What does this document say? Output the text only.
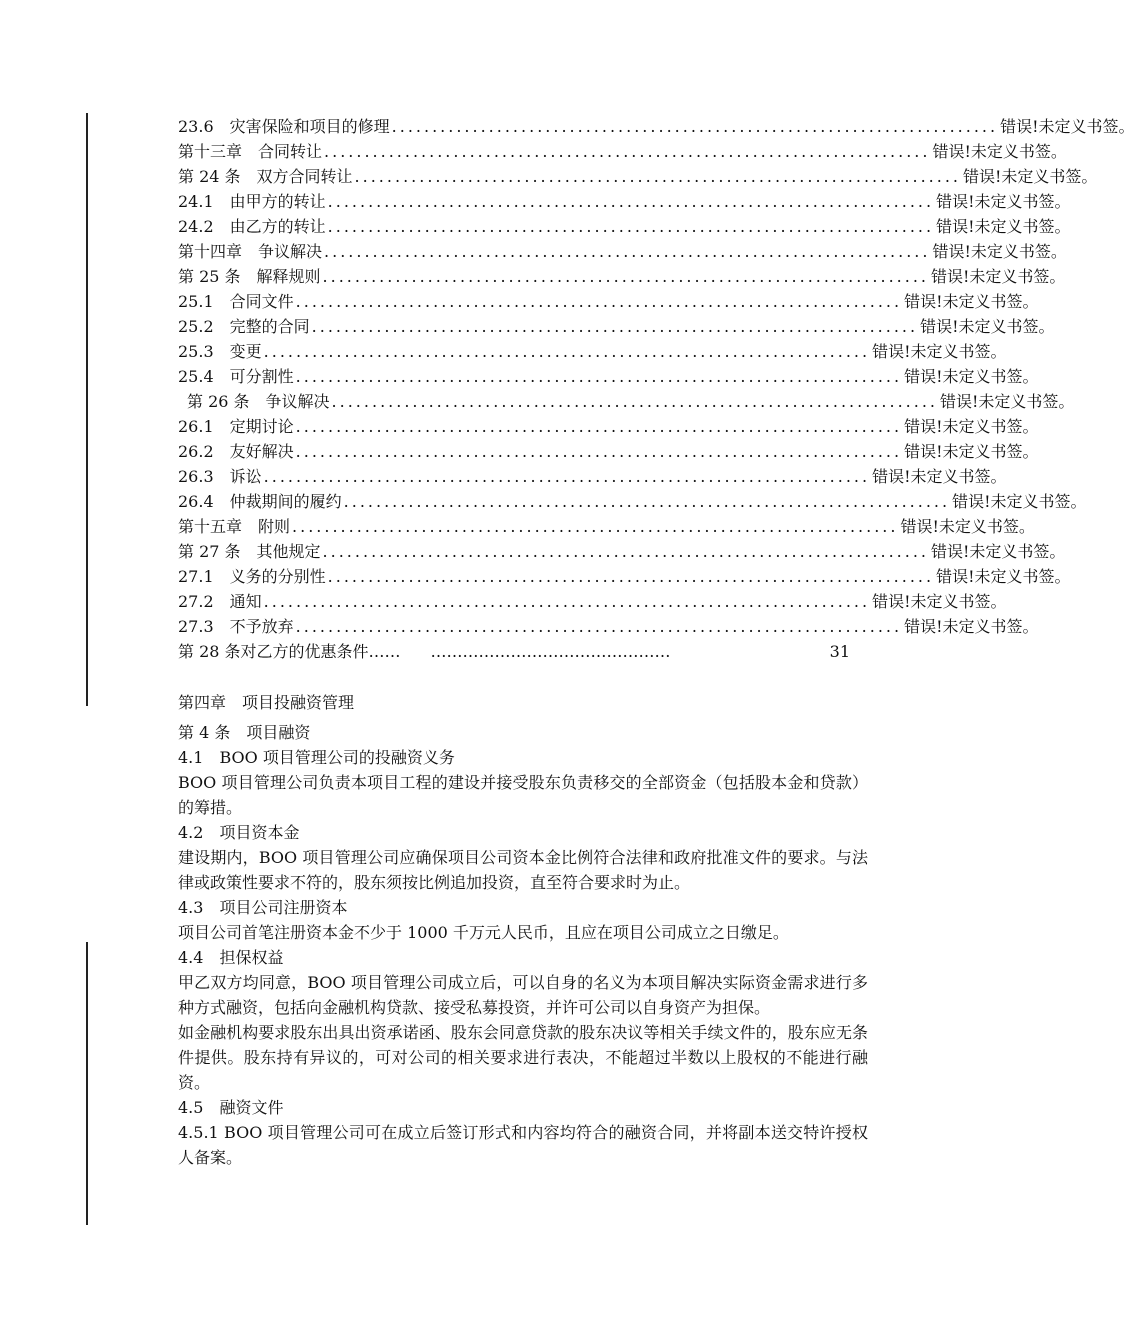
23.6　灾害保险和项目的修理 ........................................................................... 错误!未定义书签。
第十三章　合同转让 ........................................................................... 错误!未定义书签。
第 24 条　双方合同转让 ........................................................................... 错误!未定义书签。
24.1　由甲方的转让 ........................................................................... 错误!未定义书签。
24.2　由乙方的转让 ........................................................................... 错误!未定义书签。
第十四章　争议解决 ........................................................................... 错误!未定义书签。
第 25 条　解释规则 ........................................................................... 错误!未定义书签。
25.1　合同文件 ........................................................................... 错误!未定义书签。
25.2　完整的合同 ........................................................................... 错误!未定义书签。
25.3　变更 ........................................................................... 错误!未定义书签。
25.4　可分割性 ........................................................................... 错误!未定义书签。
第 26 条　争议解决 ........................................................................... 错误!未定义书签。
26.1　定期讨论 ........................................................................... 错误!未定义书签。
26.2　友好解决 ........................................................................... 错误!未定义书签。
26.3　诉讼 ........................................................................... 错误!未定义书签。
26.4　仲裁期间的履约 ........................................................................... 错误!未定义书签。
第十五章　附则 ........................................................................... 错误!未定义书签。
第 27 条　其他规定 ........................................................................... 错误!未定义书签。
27.1　义务的分别性 ........................................................................... 错误!未定义书签。
27.2　通知 ........................................................................... 错误!未定义书签。
27.3　不予放弃 ........................................................................... 错误!未定义书签。
第 28 条对乙方的优惠条件…… ………………………………………	31

第四章　项目投融资管理

第 4 条　项目融资

4.1　BOO 项目管理公司的投融资义务

BOO 项目管理公司负责本项目工程的建设并接受股东负责移交的全部资金（包括股本金和贷款）的筹措。

4.2　项目资本金

建设期内，BOO 项目管理公司应确保项目公司资本金比例符合法律和政府批准文件的要求。与法律或政策性要求不符的，股东须按比例追加投资，直至符合要求时为止。

4.3　项目公司注册资本

项目公司首笔注册资本金不少于 1000 千万元人民币，且应在项目公司成立之日缴足。

4.4　担保权益

甲乙双方均同意，BOO 项目管理公司成立后，可以自身的名义为本项目解决实际资金需求进行多种方式融资，包括向金融机构贷款、接受私募投资，并许可公司以自身资产为担保。

如金融机构要求股东出具出资承诺函、股东会同意贷款的股东决议等相关手续文件的，股东应无条件提供。股东持有异议的，可对公司的相关要求进行表决，不能超过半数以上股权的不能进行融资。

4.5　融资文件

4.5.1 BOO 项目管理公司可在成立后签订形式和内容均符合的融资合同，并将副本送交特许授权人备案。
